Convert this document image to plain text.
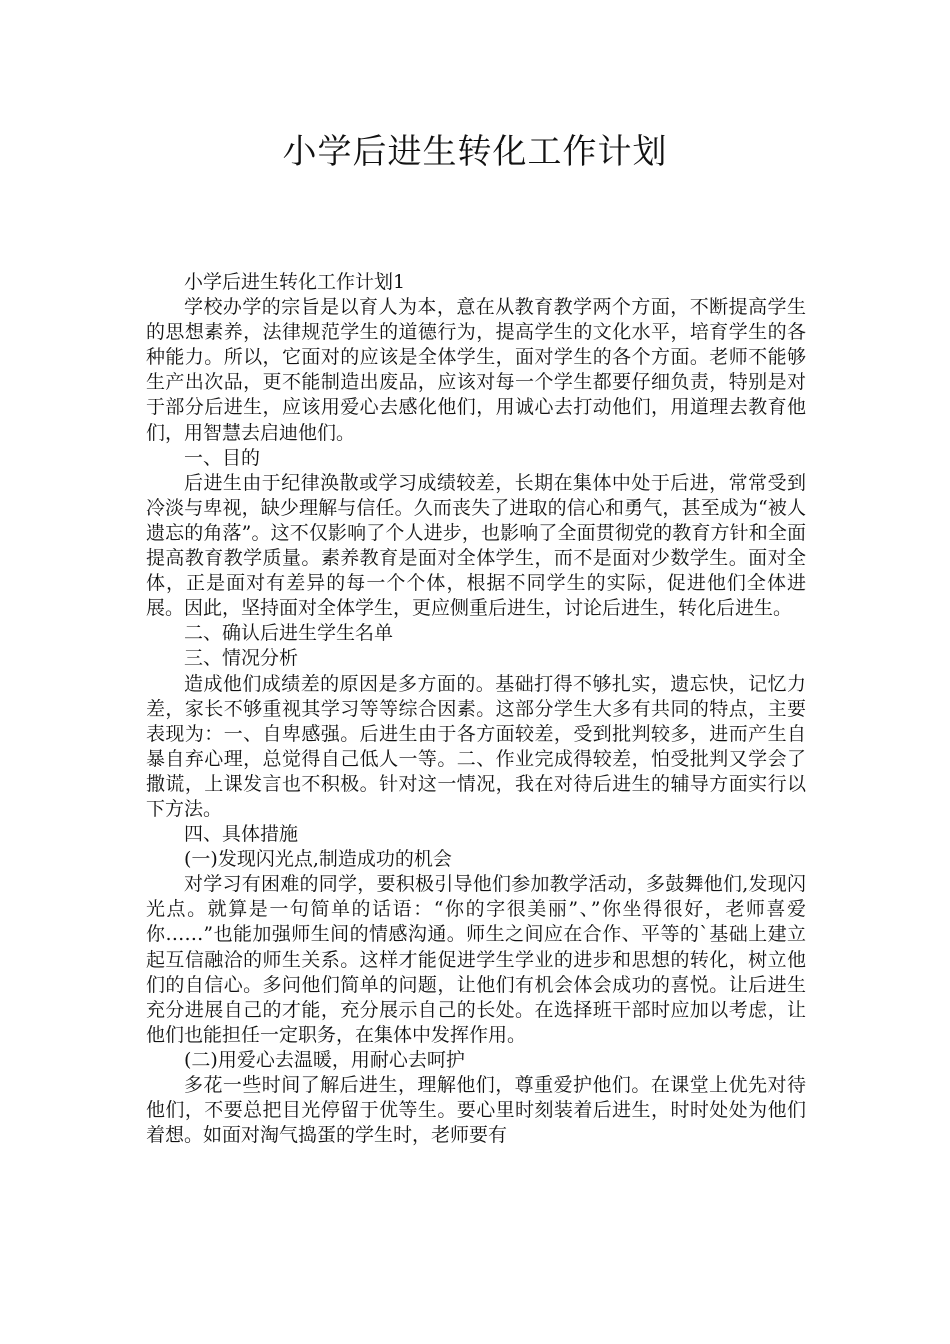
小学后进生转化工作计划

小学后进生转化工作计划1

学校办学的宗旨是以育人为本，意在从教育教学两个方面，不断提高学生的思想素养，法律规范学生的道德行为，提高学生的文化水平，培育学生的各种能力。所以，它面对的应该是全体学生，面对学生的各个方面。老师不能够生产出次品，更不能制造出废品，应该对每一个学生都要仔细负责，特别是对于部分后进生，应该用爱心去感化他们，用诚心去打动他们，用道理去教育他们，用智慧去启迪他们。

一、目的

后进生由于纪律涣散或学习成绩较差，长期在集体中处于后进，常常受到冷淡与卑视，缺少理解与信任。久而丧失了进取的信心和勇气，甚至成为“被人遗忘的角落”。这不仅影响了个人进步，也影响了全面贯彻党的教育方针和全面提高教育教学质量。素养教育是面对全体学生，而不是面对少数学生。面对全体，正是面对有差异的每一个个体，根据不同学生的实际，促进他们全体进展。因此，坚持面对全体学生，更应侧重后进生，讨论后进生，转化后进生。

二、确认后进生学生名单

三、情况分析

造成他们成绩差的原因是多方面的。基础打得不够扎实，遗忘快，记忆力差，家长不够重视其学习等等综合因素。这部分学生大多有共同的特点，主要表现为：一、自卑感强。后进生由于各方面较差，受到批判较多，进而产生自暴自弃心理，总觉得自己低人一等。二、作业完成得较差，怕受批判又学会了撒谎，上课发言也不积极。针对这一情况，我在对待后进生的辅导方面实行以下方法。

四、具体措施

(一)发现闪光点,制造成功的机会

对学习有困难的同学，要积极引导他们参加教学活动，多鼓舞他们,发现闪光点。就算是一句简单的话语：“你的字很美丽”、”你坐得很好，老师喜爱你……”也能加强师生间的情感沟通。师生之间应在合作、平等的`基础上建立起互信融洽的师生关系。这样才能促进学生学业的进步和思想的转化，树立他们的自信心。多问他们简单的问题，让他们有机会体会成功的喜悦。让后进生充分进展自己的才能，充分展示自己的长处。在选择班干部时应加以考虑，让他们也能担任一定职务，在集体中发挥作用。

(二)用爱心去温暖，用耐心去呵护

多花一些时间了解后进生，理解他们，尊重爱护他们。在课堂上优先对待他们，不要总把目光停留于优等生。要心里时刻装着后进生，时时处处为他们着想。如面对淘气捣蛋的学生时，老师要有
